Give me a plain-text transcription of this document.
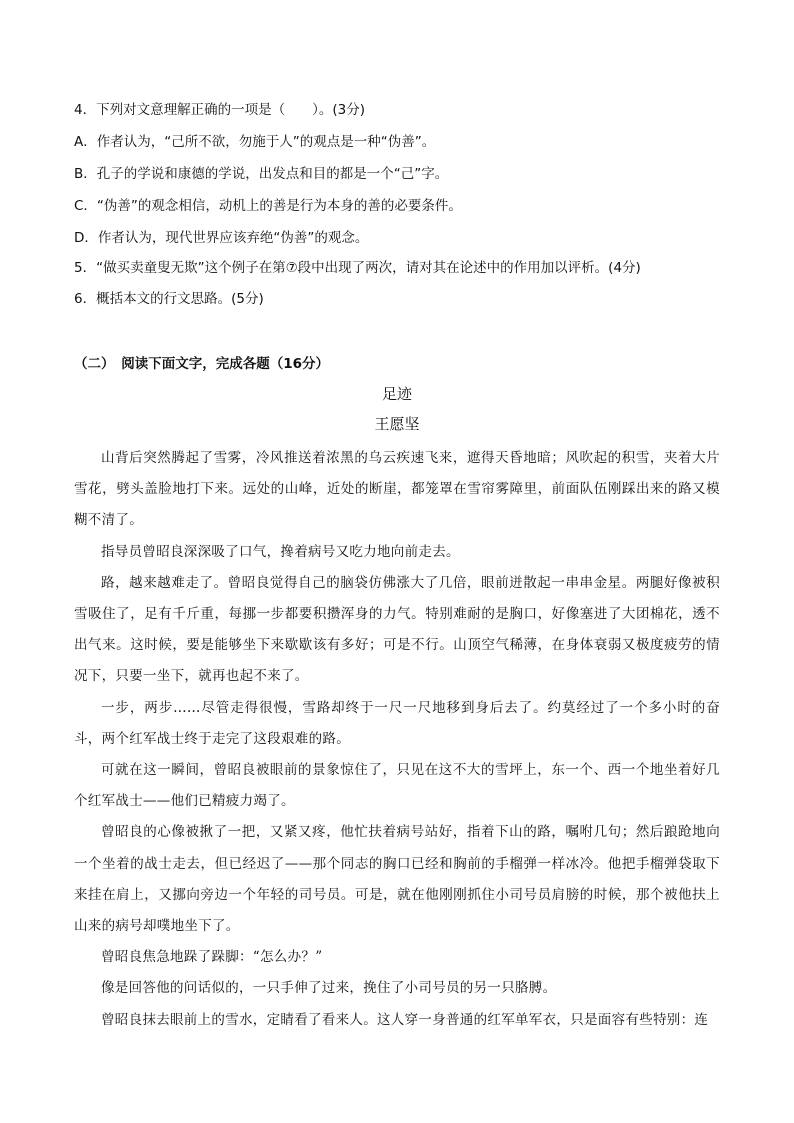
4．下列对文意理解正确的一项是（　　）。(3分)
A．作者认为，“己所不欲，勿施于人”的观点是一种“伪善”。
B．孔子的学说和康德的学说，出发点和目的都是一个“己”字。
C．“伪善”的观念相信，动机上的善是行为本身的善的必要条件。
D．作者认为，现代世界应该弃绝“伪善”的观念。
5．“做买卖童叟无欺”这个例子在第⑦段中出现了两次，请对其在论述中的作用加以评析。(4分)
6．概括本文的行文思路。(5分)
（二）　阅读下面文字，完成各题（16分）
足迹
王愿坚

山背后突然腾起了雪雾，冷风推送着浓黑的乌云疾速飞来，遮得天昏地暗；风吹起的积雪，夹着大片雪花，劈头盖脸地打下来。远处的山峰，近处的断崖，都笼罩在雪帘雾障里，前面队伍刚踩出来的路又模糊不清了。

指导员曾昭良深深吸了口气，搀着病号又吃力地向前走去。

路，越来越难走了。曾昭良觉得自己的脑袋仿佛涨大了几倍，眼前迸散起一串串金星。两腿好像被积雪吸住了，足有千斤重，每挪一步都要积攒浑身的力气。特别难耐的是胸口，好像塞进了大团棉花，透不出气来。这时候，要是能够坐下来歇歇该有多好；可是不行。山顶空气稀薄，在身体衰弱又极度疲劳的情况下，只要一坐下，就再也起不来了。

一步，两步……尽管走得很慢，雪路却终于一尺一尺地移到身后去了。约莫经过了一个多小时的奋斗，两个红军战士终于走完了这段艰难的路。

可就在这一瞬间，曾昭良被眼前的景象惊住了，只见在这不大的雪坪上，东一个、西一个地坐着好几个红军战士——他们已精疲力竭了。

曾昭良的心像被揪了一把，又紧又疼，他忙扶着病号站好，指着下山的路，嘱咐几句；然后踉跄地向一个坐着的战士走去，但已经迟了——那个同志的胸口已经和胸前的手榴弹一样冰冷。他把手榴弹袋取下来挂在肩上，又挪向旁边一个年轻的司号员。可是，就在他刚刚抓住小司号员肩膀的时候，那个被他扶上山来的病号却噗地坐下了。

曾昭良焦急地跺了跺脚：“怎么办？”

像是回答他的问话似的，一只手伸了过来，挽住了小司号员的另一只胳膊。

曾昭良抹去眼前上的雪水，定睛看了看来人。这人穿一身普通的红军单军衣，只是面容有些特别：连
